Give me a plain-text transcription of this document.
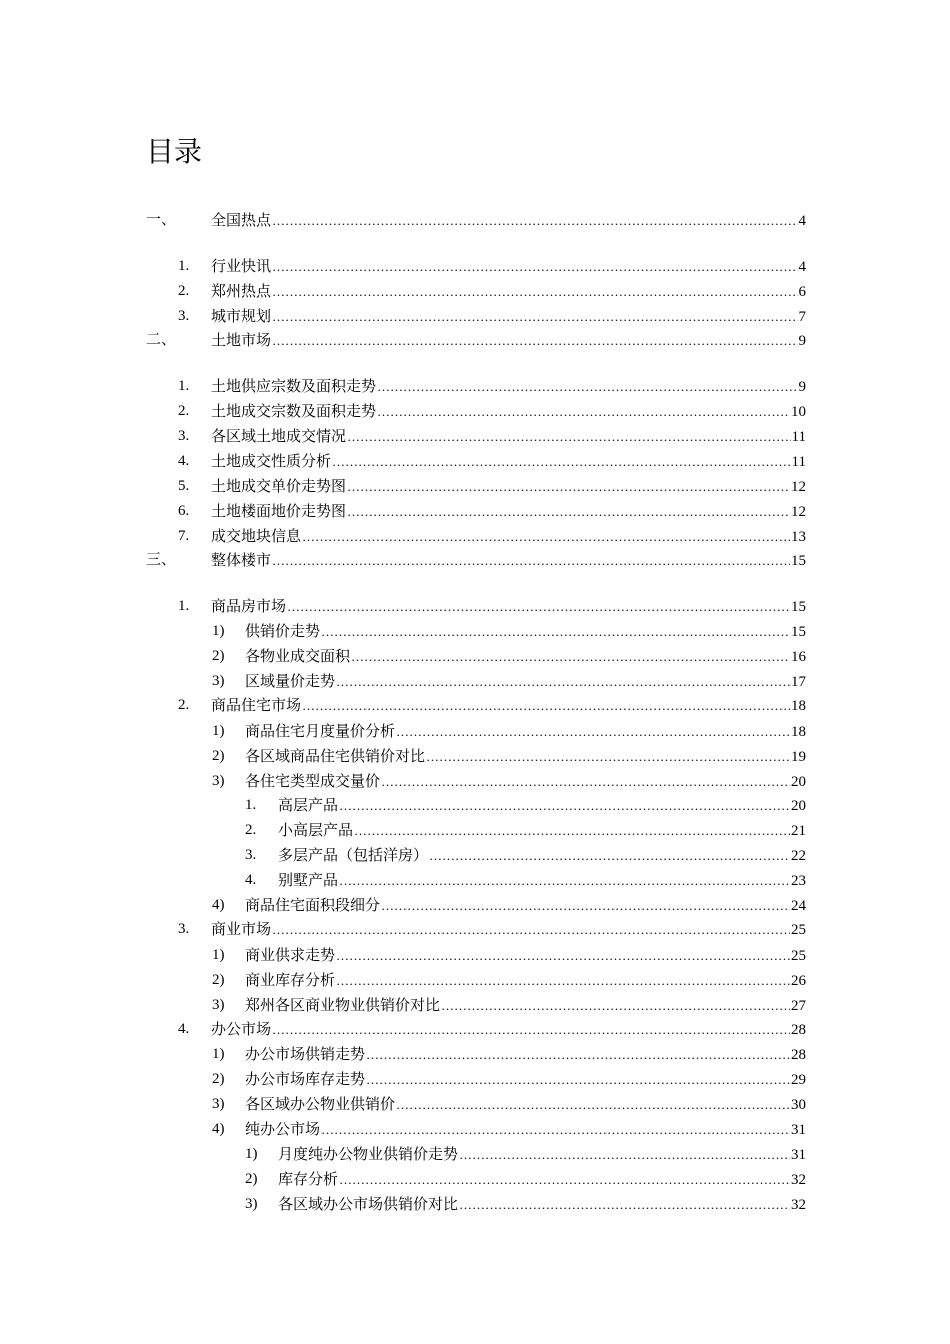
目录
一、 全国热点 …………………………………………………………………………………………………………………………………………………………………………………………………………………………………………………………………………………	4
1. 行业快讯 …………………………………………………………………………………………………………………………………………………………………………………………………………………………………………………………………………………	4
2. 郑州热点 …………………………………………………………………………………………………………………………………………………………………………………………………………………………………………………………………………………	6
3. 城市规划 …………………………………………………………………………………………………………………………………………………………………………………………………………………………………………………………………………………	7
二、 土地市场 …………………………………………………………………………………………………………………………………………………………………………………………………………………………………………………………………………………	9
1. 土地供应宗数及面积走势 …………………………………………………………………………………………………………………………………………………………………………………………………………………………………………………………………………………	9
2. 土地成交宗数及面积走势 …………………………………………………………………………………………………………………………………………………………………………………………………………………………………………………………………………………	10
3. 各区域土地成交情况 …………………………………………………………………………………………………………………………………………………………………………………………………………………………………………………………………………………	11
4. 土地成交性质分析 …………………………………………………………………………………………………………………………………………………………………………………………………………………………………………………………………………………	11
5. 土地成交单价走势图 …………………………………………………………………………………………………………………………………………………………………………………………………………………………………………………………………………………	12
6. 土地楼面地价走势图 …………………………………………………………………………………………………………………………………………………………………………………………………………………………………………………………………………………	12
7. 成交地块信息 …………………………………………………………………………………………………………………………………………………………………………………………………………………………………………………………………………………	13
三、 整体楼市 …………………………………………………………………………………………………………………………………………………………………………………………………………………………………………………………………………………	15
1. 商品房市场 …………………………………………………………………………………………………………………………………………………………………………………………………………………………………………………………………………………	15
1) 供销价走势 …………………………………………………………………………………………………………………………………………………………………………………………………………………………………………………………………………………	15
2) 各物业成交面积 …………………………………………………………………………………………………………………………………………………………………………………………………………………………………………………………………………………	16
3) 区域量价走势 …………………………………………………………………………………………………………………………………………………………………………………………………………………………………………………………………………………	17
2. 商品住宅市场 …………………………………………………………………………………………………………………………………………………………………………………………………………………………………………………………………………………	18
1) 商品住宅月度量价分析 …………………………………………………………………………………………………………………………………………………………………………………………………………………………………………………………………………………	18
2) 各区域商品住宅供销价对比 …………………………………………………………………………………………………………………………………………………………………………………………………………………………………………………………………………………	19
3) 各住宅类型成交量价 …………………………………………………………………………………………………………………………………………………………………………………………………………………………………………………………………………………	20
1. 高层产品 …………………………………………………………………………………………………………………………………………………………………………………………………………………………………………………………………………………	20
2. 小高层产品 …………………………………………………………………………………………………………………………………………………………………………………………………………………………………………………………………………………	21
3. 多层产品（包括洋房） …………………………………………………………………………………………………………………………………………………………………………………………………………………………………………………………………………………	22
4. 别墅产品 …………………………………………………………………………………………………………………………………………………………………………………………………………………………………………………………………………………	23
4) 商品住宅面积段细分 …………………………………………………………………………………………………………………………………………………………………………………………………………………………………………………………………………………	24
3. 商业市场 …………………………………………………………………………………………………………………………………………………………………………………………………………………………………………………………………………………	25
1) 商业供求走势 …………………………………………………………………………………………………………………………………………………………………………………………………………………………………………………………………………………	25
2) 商业库存分析 …………………………………………………………………………………………………………………………………………………………………………………………………………………………………………………………………………………	26
3) 郑州各区商业物业供销价对比 …………………………………………………………………………………………………………………………………………………………………………………………………………………………………………………………………………………	27
4. 办公市场 …………………………………………………………………………………………………………………………………………………………………………………………………………………………………………………………………………………	28
1) 办公市场供销走势 …………………………………………………………………………………………………………………………………………………………………………………………………………………………………………………………………………………	28
2) 办公市场库存走势 …………………………………………………………………………………………………………………………………………………………………………………………………………………………………………………………………………………	29
3) 各区域办公物业供销价 …………………………………………………………………………………………………………………………………………………………………………………………………………………………………………………………………………………	30
4) 纯办公市场 …………………………………………………………………………………………………………………………………………………………………………………………………………………………………………………………………………………	31
1) 月度纯办公物业供销价走势 …………………………………………………………………………………………………………………………………………………………………………………………………………………………………………………………………………………	31
2) 库存分析 …………………………………………………………………………………………………………………………………………………………………………………………………………………………………………………………………………………	32
3) 各区域办公市场供销价对比 …………………………………………………………………………………………………………………………………………………………………………………………………………………………………………………………………………………	32
